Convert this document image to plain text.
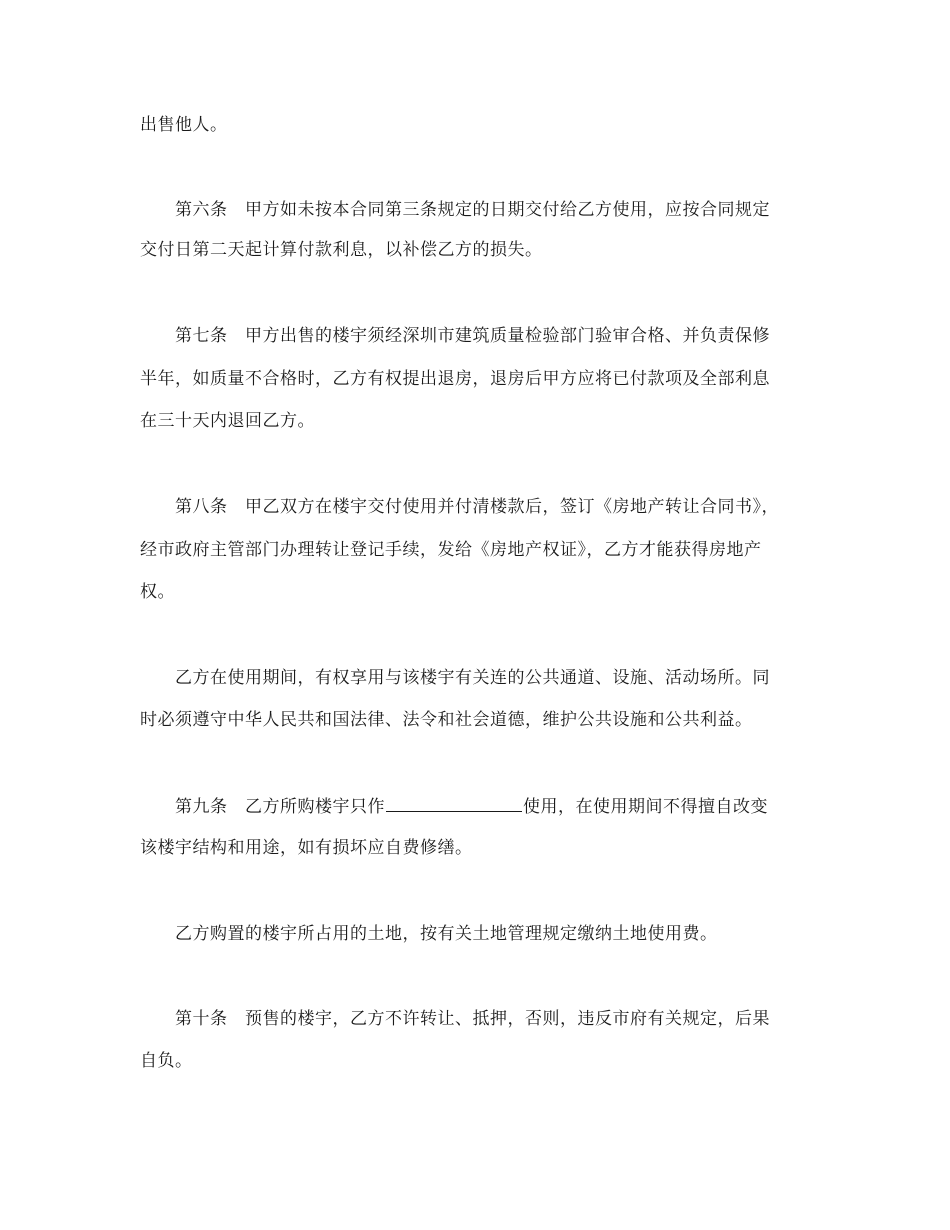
出售他人。
　　第六条　甲方如未按本合同第三条规定的日期交付给乙方使用，应按合同规定
交付日第二天起计算付款利息，以补偿乙方的损失。
　　第七条　甲方出售的楼宇须经深圳市建筑质量检验部门验审合格、并负责保修
半年，如质量不合格时，乙方有权提出退房，退房后甲方应将已付款项及全部利息
在三十天内退回乙方。
　　第八条　甲乙双方在楼宇交付使用并付清楼款后，签订《房地产转让合同书》，
经市政府主管部门办理转让登记手续，发给《房地产权证》，乙方才能获得房地产
权。
　　乙方在使用期间，有权享用与该楼宇有关连的公共通道、设施、活动场所。同
时必须遵守中华人民共和国法律、法令和社会道德，维护公共设施和公共利益。
　　第九条　乙方所购楼宇只作	使用，在使用期间不得擅自改变
该楼宇结构和用途，如有损坏应自费修缮。
　　乙方购置的楼宇所占用的土地，按有关土地管理规定缴纳土地使用费。
　　第十条　预售的楼宇，乙方不许转让、抵押，否则，违反市府有关规定，后果
自负。
